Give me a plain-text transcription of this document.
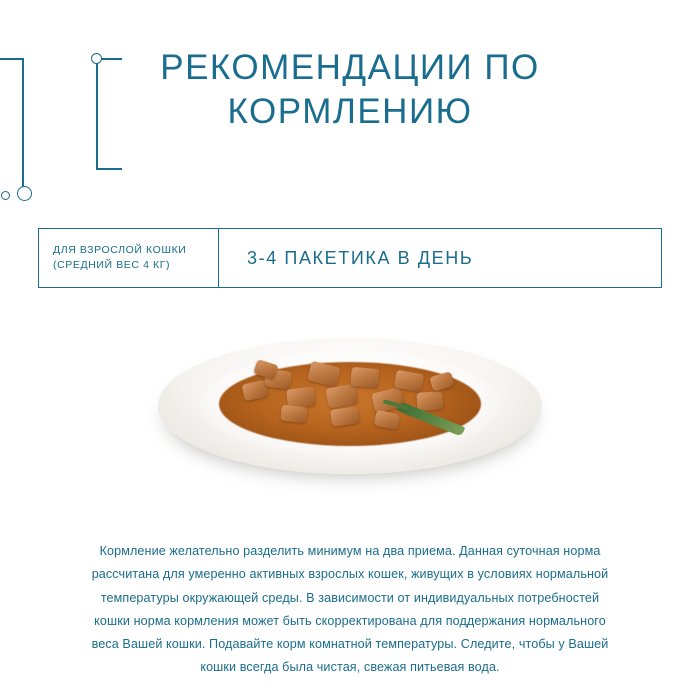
РЕКОМЕНДАЦИИ ПО КОРМЛЕНИЮ
ДЛЯ ВЗРОСЛОЙ КОШКИ
(СРЕДНИЙ ВЕС 4 КГ)	3-4 ПАКЕТИКА В ДЕНЬ

Кормление желательно разделить минимум на два приема. Данная суточная норма рассчитана для умеренно активных взрослых кошек, живущих в условиях нормальной температуры окружающей среды. В зависимости от индивидуальных потребностей кошки норма кормления может быть скорректирована для поддержания нормального веса Вашей кошки. Подавайте корм комнатной температуры. Следите, чтобы у Вашей кошки всегда была чистая, свежая питьевая вода.
